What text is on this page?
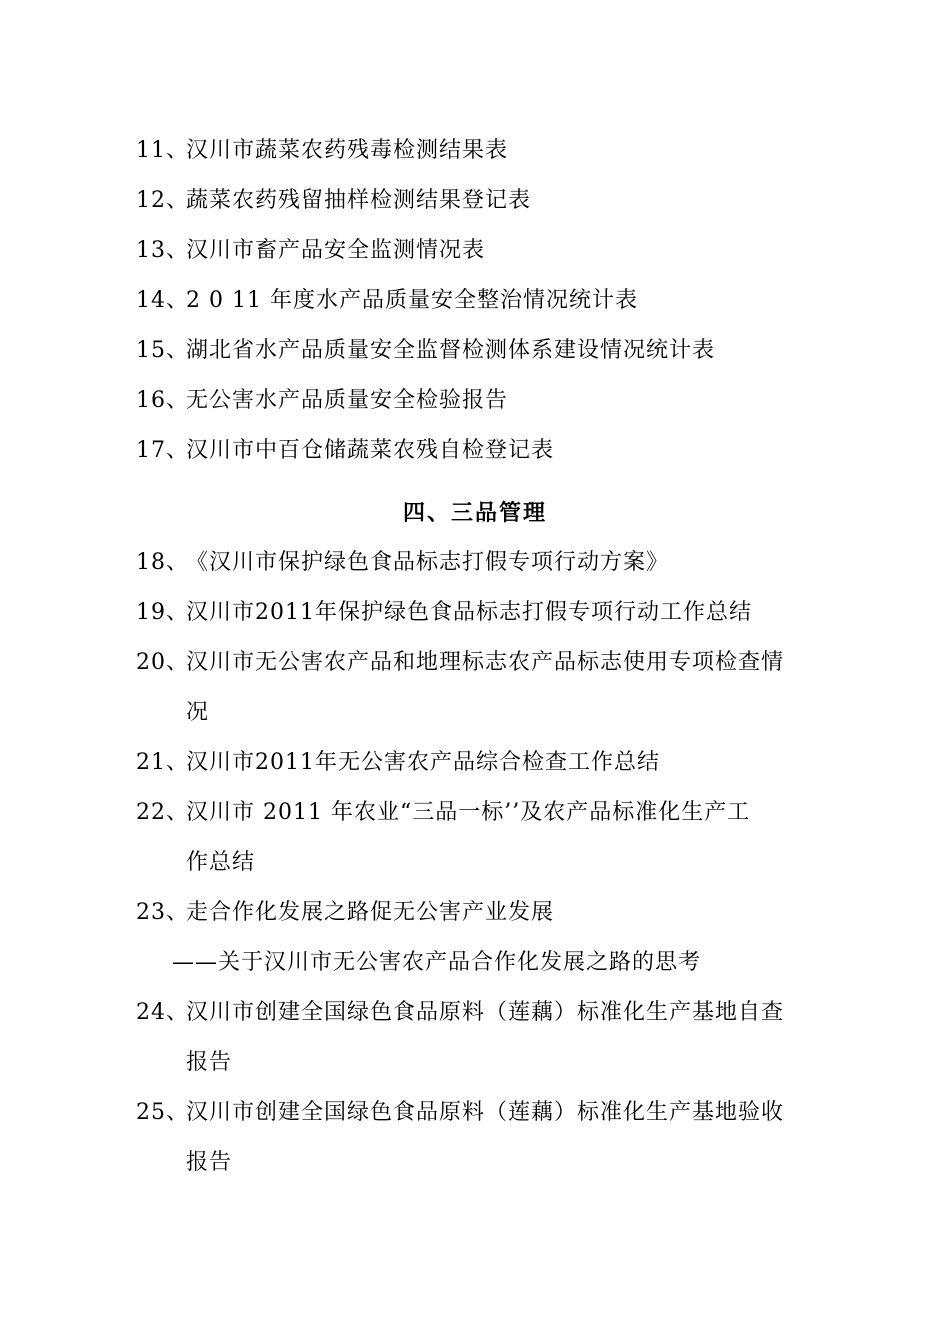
11、汉川市蔬菜农药残毒检测结果表
12、蔬菜农药残留抽样检测结果登记表
13、汉川市畜产品安全监测情况表
14、2 0 11 年度水产品质量安全整治情况统计表
15、湖北省水产品质量安全监督检测体系建设情况统计表
16、无公害水产品质量安全检验报告
17、汉川市中百仓储蔬菜农残自检登记表
四、三品管理
18、《汉川市保护绿色食品标志打假专项行动方案》
19、汉川市2011年保护绿色食品标志打假专项行动工作总结
20、汉川市无公害农产品和地理标志农产品标志使用专项检查情
况
21、汉川市2011年无公害农产品综合检查工作总结
22、汉川市 2011 年农业“三品一标’’及农产品标准化生产工
作总结
23、走合作化发展之路促无公害产业发展
——关于汉川市无公害农产品合作化发展之路的思考
24、汉川市创建全国绿色食品原料（莲藕）标准化生产基地自查
报告
25、汉川市创建全国绿色食品原料（莲藕）标准化生产基地验收
报告
